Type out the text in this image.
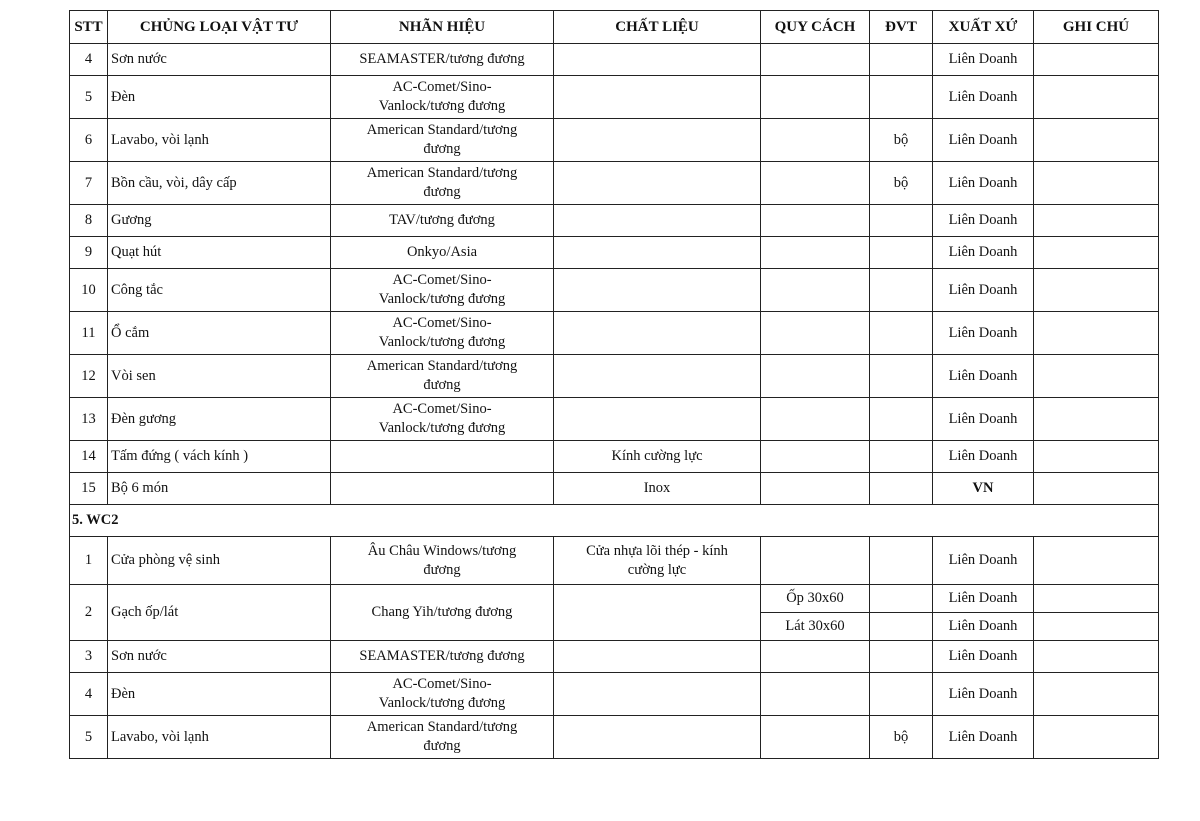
STT	CHỦNG LOẠI VẬT TƯ	NHÃN HIỆU	CHẤT LIỆU	QUY CÁCH	ĐVT	XUẤT XỨ	GHI CHÚ
4	Sơn nước	SEAMASTER/tương đương				Liên Doanh	
5	Đèn	AC-Comet/Sino-Vanlock/tương đương				Liên Doanh	
6	Lavabo, vòi lạnh	American Standard/tương đương			bộ	Liên Doanh	
7	Bồn cầu, vòi, dây cấp	American Standard/tương đương			bộ	Liên Doanh	
8	Gương	TAV/tương đương				Liên Doanh	
9	Quạt hút	Onkyo/Asia				Liên Doanh	
10	Công tắc	AC-Comet/Sino-Vanlock/tương đương				Liên Doanh	
11	Ổ cắm	AC-Comet/Sino-Vanlock/tương đương				Liên Doanh	
12	Vòi sen	American Standard/tương đương				Liên Doanh	
13	Đèn gương	AC-Comet/Sino-Vanlock/tương đương				Liên Doanh	
14	Tấm đứng ( vách kính )		Kính cường lực			Liên Doanh	
15	Bộ 6 món		Inox			VN	
5. WC2							
1	Cửa phòng vệ sinh	Âu Châu Windows/tương đương	Cửa nhựa lõi thép - kính cường lực			Liên Doanh	
2	Gạch ốp/lát	Chang Yih/tương đương		Ốp 30x60		Liên Doanh	
				Lát 30x60		Liên Doanh	
3	Sơn nước	SEAMASTER/tương đương				Liên Doanh	
4	Đèn	AC-Comet/Sino-Vanlock/tương đương				Liên Doanh	
5	Lavabo, vòi lạnh	American Standard/tương đương			bộ	Liên Doanh	
